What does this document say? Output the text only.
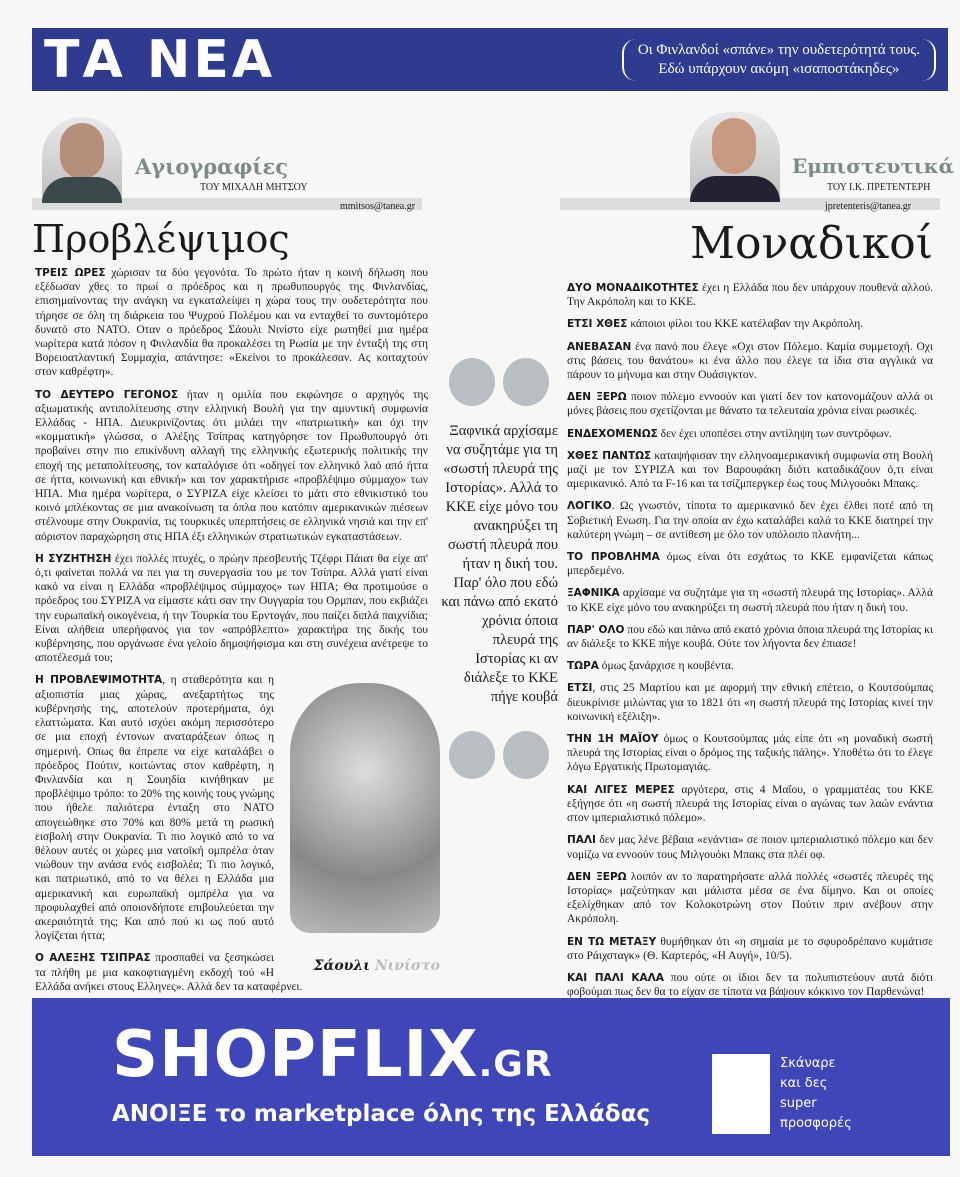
ΤΑ ΝΕΑ	Οι Φινλανδοί «σπάνε» την ουδετερότητά τους.
Εδώ υπάρχουν ακόμη «ισαποστάκηδες»
Αγιογραφίες
ΤΟΥ ΜΙΧΑΛΗ ΜΗΤΣΟΥ
mmitsos@tanea.gr
Προβλέψιμος

ΤΡΕΙΣ ΩΡΕΣ χώρισαν τα δύο γεγονότα. Το πρώτο ήταν η κοινή δήλωση που εξέδωσαν χθες το πρωί ο πρόεδρος και η πρωθυπουργός της Φινλανδίας, επισημαίνοντας την ανάγκη να εγκαταλείψει η χώρα τους την ουδετερότητα που τήρησε σε όλη τη διάρκεια του Ψυχρού Πολέμου και να ενταχθεί το συντομότερο δυνατό στο ΝΑΤΟ. Οταν ο πρόεδρος Σάουλι Νινίστο είχε ρωτηθεί μια ημέρα νωρίτερα κατά πόσον η Φινλανδία θα προκαλέσει τη Ρωσία με την ένταξή της στη Βορειοατλαντική Συμμαχία, απάντησε: «Εκείνοι το προκάλεσαν. Ας κοιταχτούν στον καθρέφτη».

ΤΟ ΔΕΥΤΕΡΟ ΓΕΓΟΝΟΣ ήταν η ομιλία που εκφώνησε ο αρχηγός της αξιωματικής αντιπολίτευσης στην ελληνική Βουλή για την αμυντική συμφωνία Ελλάδας - ΗΠΑ. Διευκρινίζοντας ότι μιλάει την «πατριωτική» και όχι την «κομματική» γλώσσα, ο Αλέξης Τσίπρας κατηγόρησε τον Πρωθυπουργό ότι προβαίνει στην πιο επικίνδυνη αλλαγή της ελληνικής εξωτερικής πολιτικής την εποχή της μεταπολίτευσης, τον καταλόγισε ότι «οδηγεί τον ελληνικό λαό από ήττα σε ήττα, κοινωνική και εθνική» και τον χαρακτήρισε «προβλέψιμο σύμμαχο» των ΗΠΑ. Μια ημέρα νωρίτερα, ο ΣΥΡΙΖΑ είχε κλείσει το μάτι στο εθνικιστικό του κοινό μπλέκοντας σε μια ανακοίνωση τα όπλα που κατόπιν αμερικανικών πιέσεων στέλνουμε στην Ουκρανία, τις τουρκικές υπερπτήσεις σε ελληνικά νησιά και την επ' αόριστον παραχώρηση στις ΗΠΑ έξι ελληνικών στρατιωτικών εγκαταστάσεων.

Η ΣΥΖΗΤΗΣΗ έχει πολλές πτυχές, ο πρώην πρεσβευτής Τζέφρι Πάιατ θα είχε απ' ό,τι φαίνεται πολλά να πει για τη συνεργασία του με τον Τσίπρα. Αλλά γιατί είναι κακό να είναι η Ελλάδα «προβλέψιμος σύμμαχος» των ΗΠΑ; Θα προτιμούσε ο πρόεδρος του ΣΥΡΙΖΑ να είμαστε κάτι σαν την Ουγγαρία του Ορμπαν, που εκβιάζει την ευρωπαϊκή οικογένεια, ή την Τουρκία του Ερντογάν, που παίζει διπλά παιχνίδια; Είναι αλήθεια υπερήφανος για τον «απρόβλεπτο» χαρακτήρα της δικής του κυβέρνησης, που οργάνωσε ένα γελοίο δημοψήφισμα και στη συνέχεια ανέτρεψε το αποτέλεσμά του;

Σάουλι Νινίστο

Η ΠΡΟΒΛΕΨΙΜΟΤΗΤΑ, η σταθερότητα και η αξιοπιστία μιας χώρας, ανεξαρτήτως της κυβέρνησής της, αποτελούν προτερήματα, όχι ελαττώματα. Και αυτό ισχύει ακόμη περισσότερο σε μια εποχή έντονων αναταράξεων όπως η σημερινή. Οπως θα έπρεπε να είχε καταλάβει ο πρόεδρος Πούτιν, κοιτώντας στον καθρέφτη, η Φινλανδία και η Σουηδία κινήθηκαν με προβλέψιμο τρόπο: το 20% της κοινής τους γνώμης που ήθελε παλιότερα ένταξη στο ΝΑΤΟ απογειώθηκε στο 70% και 80% μετά τη ρωσική εισβολή στην Ουκρανία. Τι πιο λογικό από το να θέλουν αυτές οι χώρες μια νατοϊκή ομπρέλα όταν νιώθουν την ανάσα ενός εισβολέα; Τι πιο λογικό, και πατριωτικό, από το να θέλει η Ελλάδα μια αμερικανική και ευρωπαϊκή ομπρέλα για να προφυλαχθεί από οποιονδήποτε επιβουλεύεται την ακεραιότητά της; Και από πού κι ως πού αυτό λογίζεται ήττα;

Ο ΑΛΕΞΗΣ ΤΣΙΠΡΑΣ προσπαθεί να ξεσηκώσει τα πλήθη με μια κακοφτιαγμένη εκδοχή τού «Η Ελλάδα ανήκει στους Ελληνες». Αλλά δεν τα καταφέρνει.

Ξαφνικά αρχίσαμε να συζητάμε για τη «σωστή πλευρά της Ιστορίας». Αλλά το ΚΚΕ είχε μόνο του ανακηρύξει τη σωστή πλευρά που ήταν η δική του. Παρ' όλο που εδώ και πάνω από εκατό χρόνια όποια πλευρά της Ιστορίας κι αν διάλεξε το ΚΚΕ πήγε κουβά
Εμπιστευτικά
ΤΟΥ Ι.Κ. ΠΡΕΤΕΝΤΕΡΗ
jpretenteris@tanea.gr
Μοναδικοί

ΔΥΟ ΜΟΝΑΔΙΚΟΤΗΤΕΣ έχει η Ελλάδα που δεν υπάρχουν πουθενά αλλού. Την Ακρόπολη και το ΚΚΕ.

ΕΤΣΙ ΧΘΕΣ κάποιοι φίλοι του ΚΚΕ κατέλαβαν την Ακρόπολη.

ΑΝΕΒΑΣΑΝ ένα πανό που έλεγε «Οχι στον Πόλεμο. Καμία συμμετοχή. Οχι στις βάσεις του θανάτου» κι ένα άλλο που έλεγε τα ίδια στα αγγλικά να πάρουν το μήνυμα και στην Ουάσιγκτον.

ΔΕΝ ΞΕΡΩ ποιον πόλεμο εννοούν και γιατί δεν τον κατονομάζουν αλλά οι μόνες βάσεις που σχετίζονται με θάνατο τα τελευταία χρόνια είναι ρωσικές.

ΕΝΔΕΧΟΜΕΝΩΣ δεν έχει υποπέσει στην αντίληψη των συντρόφων.

ΧΘΕΣ ΠΑΝΤΩΣ καταψήφισαν την ελληνοαμερικανική συμφωνία στη Βουλή μαζί με τον ΣΥΡΙΖΑ και τον Βαρουφάκη διότι καταδικάζουν ό,τι είναι αμερικανικό. Από τα F-16 και τα τσίζμπεργκερ έως τους Μιλγουόκι Μπακς.

ΛΟΓΙΚΟ. Ως γνωστόν, τίποτα το αμερικανικό δεν έχει έλθει ποτέ από τη Σοβιετική Ενωση. Για την οποία αν έχω καταλάβει καλά το ΚΚΕ διατηρεί την καλύτερη γνώμη – σε αντίθεση με όλο τον υπόλοιπο πλανήτη...

ΤΟ ΠΡΟΒΛΗΜΑ όμως είναι ότι εσχάτως το ΚΚΕ εμφανίζεται κάπως μπερδεμένο.

ΞΑΦΝΙΚΑ αρχίσαμε να συζητάμε για τη «σωστή πλευρά της Ιστορίας». Αλλά το ΚΚΕ είχε μόνο του ανακηρύξει τη σωστή πλευρά που ήταν η δική του.

ΠΑΡ' ΟΛΟ που εδώ και πάνω από εκατό χρόνια όποια πλευρά της Ιστορίας κι αν διάλεξε το ΚΚΕ πήγε κουβά. Ούτε τον λήγοντα δεν έπιασε!

ΤΩΡΑ όμως ξανάρχισε η κουβέντα.

ΕΤΣΙ, στις 25 Μαρτίου και με αφορμή την εθνική επέτειο, ο Κουτσούμπας διευκρίνισε μιλώντας για το 1821 ότι «η σωστή πλευρά της Ιστορίας κινεί την κοινωνική εξέλιξη».

ΤΗΝ 1Η ΜΑΪΟΥ όμως ο Κουτσούμπας μάς είπε ότι «η μοναδική σωστή πλευρά της Ιστορίας είναι ο δρόμος της ταξικής πάλης». Υποθέτω ότι το έλεγε λόγω Εργατικής Πρωτομαγιάς.

ΚΑΙ ΛΙΓΕΣ ΜΕΡΕΣ αργότερα, στις 4 Μαΐου, ο γραμματέας του ΚΚΕ εξήγησε ότι «η σωστή πλευρά της Ιστορίας είναι ο αγώνας των λαών ενάντια στον ιμπεριαλιστικό πόλεμο».

ΠΑΛΙ δεν μας λένε βέβαια «ενάντια» σε ποιον ιμπεριαλιστικό πόλεμο και δεν νομίζω να εννοούν τους Μιλγουόκι Μπακς στα πλέι οφ.

ΔΕΝ ΞΕΡΩ λοιπόν αν το παρατηρήσατε αλλά πολλές «σωστές πλευρές της Ιστορίας» μαζεύτηκαν και μάλιστα μέσα σε ένα δίμηνο. Και οι οποίες εξελίχθηκαν από τον Κολοκοτρώνη στον Πούτιν πριν ανέβουν στην Ακρόπολη.

ΕΝ ΤΩ ΜΕΤΑΞΥ θυμήθηκαν ότι «η σημαία με το σφυροδρέπανο κυμάτισε στο Ράιχσταγκ» (Θ. Καρτερός, «Η Αυγή», 10/5).

ΚΑΙ ΠΑΛΙ ΚΑΛΑ που ούτε οι ίδιοι δεν τα πολυπιστεύουν αυτά διότι φοβούμαι πως δεν θα το είχαν σε τίποτα να βάψουν κόκκινο τον Παρθενώνα!

SHOPFLIX.GR
ΑΝΟΙΞΕ το marketplace όλης της Ελλάδας
Σκάναρε
και δες
super
προσφορές
